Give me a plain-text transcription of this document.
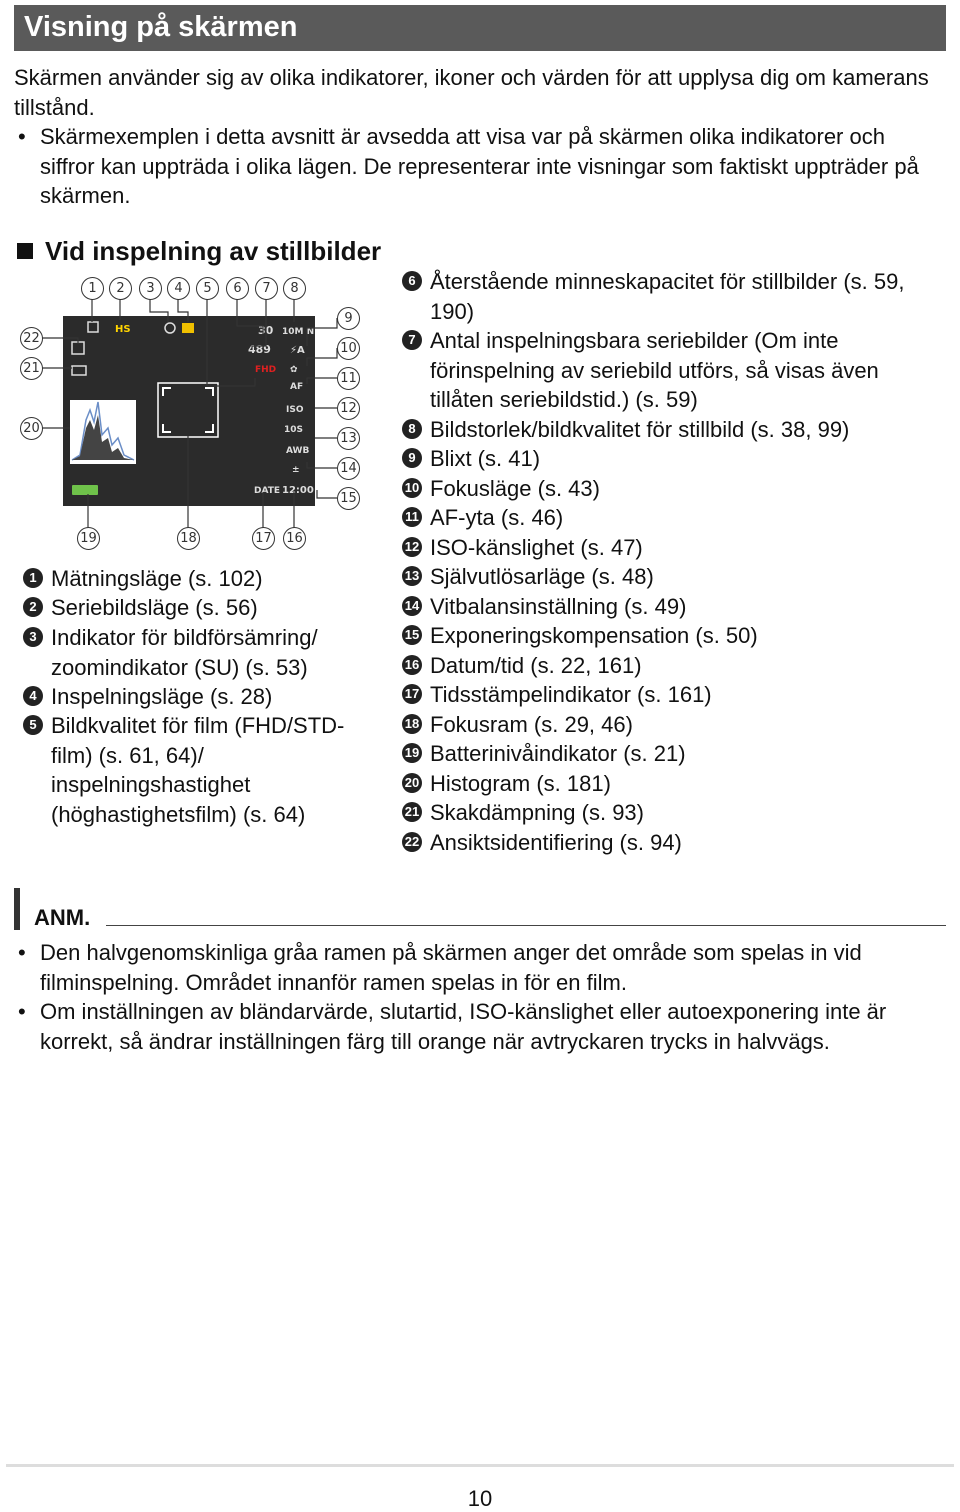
Visning på skärmen
Skärmen använder sig av olika indikatorer, ikoner och värden för att upplysa dig om kamerans tillstånd.
• Skärmexemplen i detta avsnitt är avsedda att visa var på skärmen olika indikatorer och siffror kan uppträda i olika lägen. De representerar inte visningar som faktiskt uppträder på skärmen.
Vid inspelning av stillbilder
HS	30 10M N
489 ⚡A
FHD ✿
AF
ISO
10S
AWB
±
DATE 12:00
1	2	3	4	5	6	7	8
9
10
11
12
13
14
15
19	18	17 16
22
21
20
1 Mätningsläge (s. 102)
2 Seriebildsläge (s. 56)
3 Indikator för bildförsämring/ zoomindikator (SU) (s. 53)
4 Inspelningsläge (s. 28)
5 Bildkvalitet för film (FHD/STD-film) (s. 61, 64)/ inspelningshastighet (höghastighetsfilm) (s. 64)
6 Återstående minneskapacitet för stillbilder (s. 59, 190)
7 Antal inspelningsbara seriebilder (Om inte förinspelning av seriebild utförs, så visas även tillåten seriebildstid.) (s. 59)
8 Bildstorlek/bildkvalitet för stillbild (s. 38, 99)
9 Blixt (s. 41)
10 Fokusläge (s. 43)
11 AF-yta (s. 46)
12 ISO-känslighet (s. 47)
13 Självutlösarläge (s. 48)
14 Vitbalansinställning (s. 49)
15 Exponeringskompensation (s. 50)
16 Datum/tid (s. 22, 161)
17 Tidsstämpelindikator (s. 161)
18 Fokusram (s. 29, 46)
19 Batterinivåindikator (s. 21)
20 Histogram (s. 181)
21 Skakdämpning (s. 93)
22 Ansiktsidentifiering (s. 94)
ANM.
• Den halvgenomskinliga gråa ramen på skärmen anger det område som spelas in vid filminspelning. Området innanför ramen spelas in för en film.
• Om inställningen av bländarvärde, slutartid, ISO-känslighet eller autoexponering inte är korrekt, så ändrar inställningen färg till orange när avtryckaren trycks in halvvägs.
10
